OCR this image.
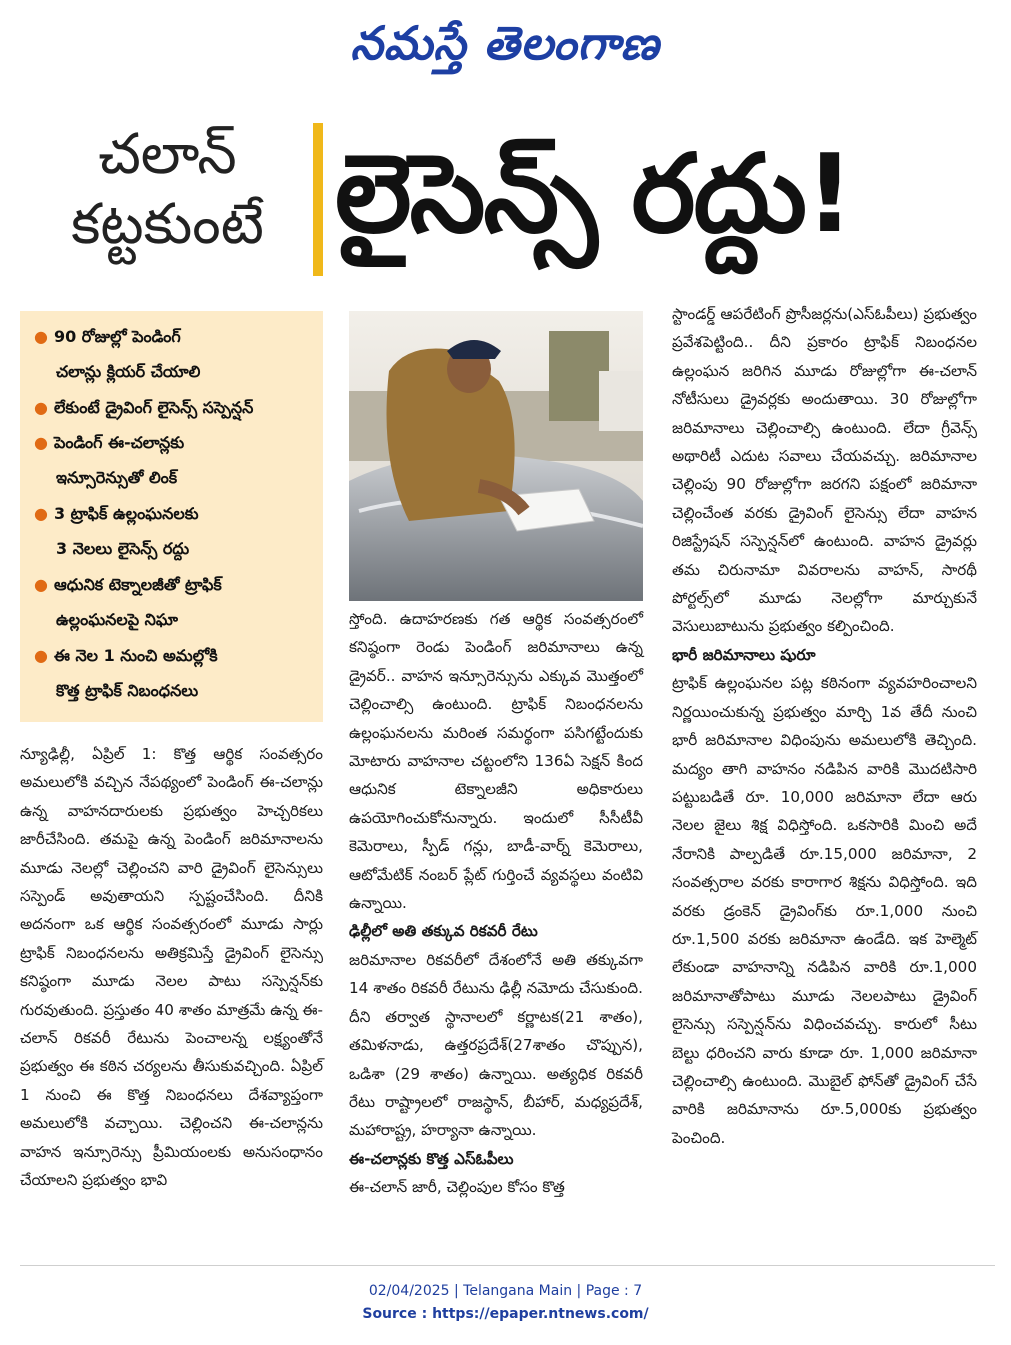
నమస్తే తెలంగాణ
చలాన్
కట్టకుంటే లైసెన్స్ రద్దు!
● 90 రోజుల్లో పెండింగ్
చలాన్లు క్లియర్ చేయాలి
● లేకుంటే డ్రైవింగ్ లైసెన్స్ సస్పెన్షన్
● పెండింగ్ ఈ-చలాన్లకు
ఇన్సూరెన్సుతో లింక్
● 3 ట్రాఫిక్ ఉల్లంఘనలకు
3 నెలలు లైసెన్స్ రద్దు
● ఆధునిక టెక్నాలజీతో ట్రాఫిక్
ఉల్లంఘనలపై నిఘా
● ఈ నెల 1 నుంచి అమల్లోకి
కొత్త ట్రాఫిక్ నిబంధనలు

న్యూఢిల్లీ, ఏప్రిల్ 1: కొత్త ఆర్థిక సంవత్సరం అమలులోకి వచ్చిన నేపథ్యంలో పెండింగ్ ఈ-చలాన్లు ఉన్న వాహనదారులకు ప్రభుత్వం హెచ్చరికలు జారీచేసింది. తమపై ఉన్న పెండింగ్ జరిమానాలను మూడు నెలల్లో చెల్లించని వారి డ్రైవింగ్ లైసెన్సులు సస్పెండ్ అవుతాయని స్పష్టంచేసింది. దీనికి అదనంగా ఒక ఆర్థిక సంవత్సరంలో మూడు సార్లు ట్రాఫిక్ నిబంధనలను అతిక్రమిస్తే డ్రైవింగ్ లైసెన్సు కనిష్ఠంగా మూడు నెలల పాటు సస్పెన్షన్‌కు గురవుతుంది. ప్రస్తుతం 40 శాతం మాత్రమే ఉన్న ఈ-చలాన్ రికవరీ రేటును పెంచాలన్న లక్ష్యంతోనే ప్రభుత్వం ఈ కఠిన చర్యలను తీసుకువచ్చింది. ఏప్రిల్ 1 నుంచి ఈ కొత్త నిబంధనలు దేశవ్యాప్తంగా అమలులోకి వచ్చాయి. చెల్లించని ఈ-చలాన్లను వాహన ఇన్సూరెన్సు ప్రీమియంలకు అనుసంధానం చేయాలని ప్రభుత్వం భావి

స్తోంది. ఉదాహరణకు గత ఆర్థిక సంవత్సరంలో కనిష్ఠంగా రెండు పెండింగ్ జరిమానాలు ఉన్న డ్రైవర్.. వాహన ఇన్సూరెన్సును ఎక్కువ మొత్తంలో చెల్లించాల్సి ఉంటుంది. ట్రాఫిక్ నిబంధనలను ఉల్లంఘనలను మరింత సమర్థంగా పసిగట్టేందుకు మోటారు వాహనాల చట్టంలోని 136ఏ సెక్షన్ కింద ఆధునిక టెక్నాలజీని అధికారులు ఉపయోగించుకోనున్నారు. ఇందులో సీసీటీవీ కెమెరాలు, స్పీడ్ గన్లు, బాడీ-వార్న్ కెమెరాలు, ఆటోమేటిక్ నంబర్ ప్లేట్ గుర్తించే వ్యవస్థలు వంటివి ఉన్నాయి.

ఢిల్లీలో అతి తక్కువ రికవరీ రేటు

జరిమానాల రికవరీలో దేశంలోనే అతి తక్కువగా 14 శాతం రికవరీ రేటును ఢిల్లీ నమోదు చేసుకుంది. దీని తర్వాత స్థానాలలో కర్ణాటక(21 శాతం), తమిళనాడు, ఉత్తరప్రదేశ్(27శాతం చొప్పున), ఒడిశా (29 శాతం) ఉన్నాయి. అత్యధిక రికవరీ రేటు రాష్ట్రాలలో రాజస్థాన్, బీహార్, మధ్యప్రదేశ్, మహారాష్ట్ర, హర్యానా ఉన్నాయి.

ఈ-చలాన్లకు కొత్త ఎస్‌ఓపీలు

ఈ-చలాన్ జారీ, చెల్లింపుల కోసం కొత్త

స్టాండర్డ్ ఆపరేటింగ్ ప్రొసీజర్లను(ఎస్‌ఓపీలు) ప్రభుత్వం ప్రవేశపెట్టింది.. దీని ప్రకారం ట్రాఫిక్ నిబంధనల ఉల్లంఘన జరిగిన మూడు రోజుల్లోగా ఈ-చలాన్ నోటీసులు డ్రైవర్లకు అందుతాయి. 30 రోజుల్లోగా జరిమానాలు చెల్లించాల్సి ఉంటుంది. లేదా గ్రీవెన్స్ అథారిటీ ఎదుట సవాలు చేయవచ్చు. జరిమానాల చెల్లింపు 90 రోజుల్లోగా జరగని పక్షంలో జరిమానా చెల్లించేంత వరకు డ్రైవింగ్ లైసెన్సు లేదా వాహన రిజిస్ట్రేషన్ సస్పెన్షన్‌లో ఉంటుంది. వాహన డ్రైవర్లు తమ చిరునామా వివరాలను వాహన్, సారథీ పోర్టల్స్‌లో మూడు నెలల్లోగా మార్చుకునే వెసులుబాటును ప్రభుత్వం కల్పించింది.

భారీ జరిమానాలు షురూ

ట్రాఫిక్ ఉల్లంఘనల పట్ల కఠినంగా వ్యవహరించాలని నిర్ణయించుకున్న ప్రభుత్వం మార్చి 1వ తేదీ నుంచి భారీ జరిమానాల విధింపును అమలులోకి తెచ్చింది. మద్యం తాగి వాహనం నడిపిన వారికి మొదటిసారి పట్టుబడితే రూ. 10,000 జరిమానా లేదా ఆరు నెలల జైలు శిక్ష విధిస్తోంది. ఒకసారికి మించి అదే నేరానికి పాల్పడితే రూ.15,000 జరిమానా, 2 సంవత్సరాల వరకు కారాగార శిక్షను విధిస్తోంది. ఇది వరకు డ్రంకెన్ డ్రైవింగ్‌కు రూ.1,000 నుంచి రూ.1,500 వరకు జరిమానా ఉండేది. ఇక హెల్మెట్ లేకుండా వాహనాన్ని నడిపిన వారికి రూ.1,000 జరిమానాతోపాటు మూడు నెలలపాటు డ్రైవింగ్ లైసెన్సు సస్పెన్షన్‌ను విధించవచ్చు. కారులో సీటు బెల్టు ధరించని వారు కూడా రూ. 1,000 జరిమానా చెల్లించాల్సి ఉంటుంది. మొబైల్ ఫోన్‌తో డ్రైవింగ్ చేసే వారికి జరిమానాను రూ.5,000కు ప్రభుత్వం పెంచింది.

02/04/2025 | Telangana Main | Page : 7
Source : https://epaper.ntnews.com/
